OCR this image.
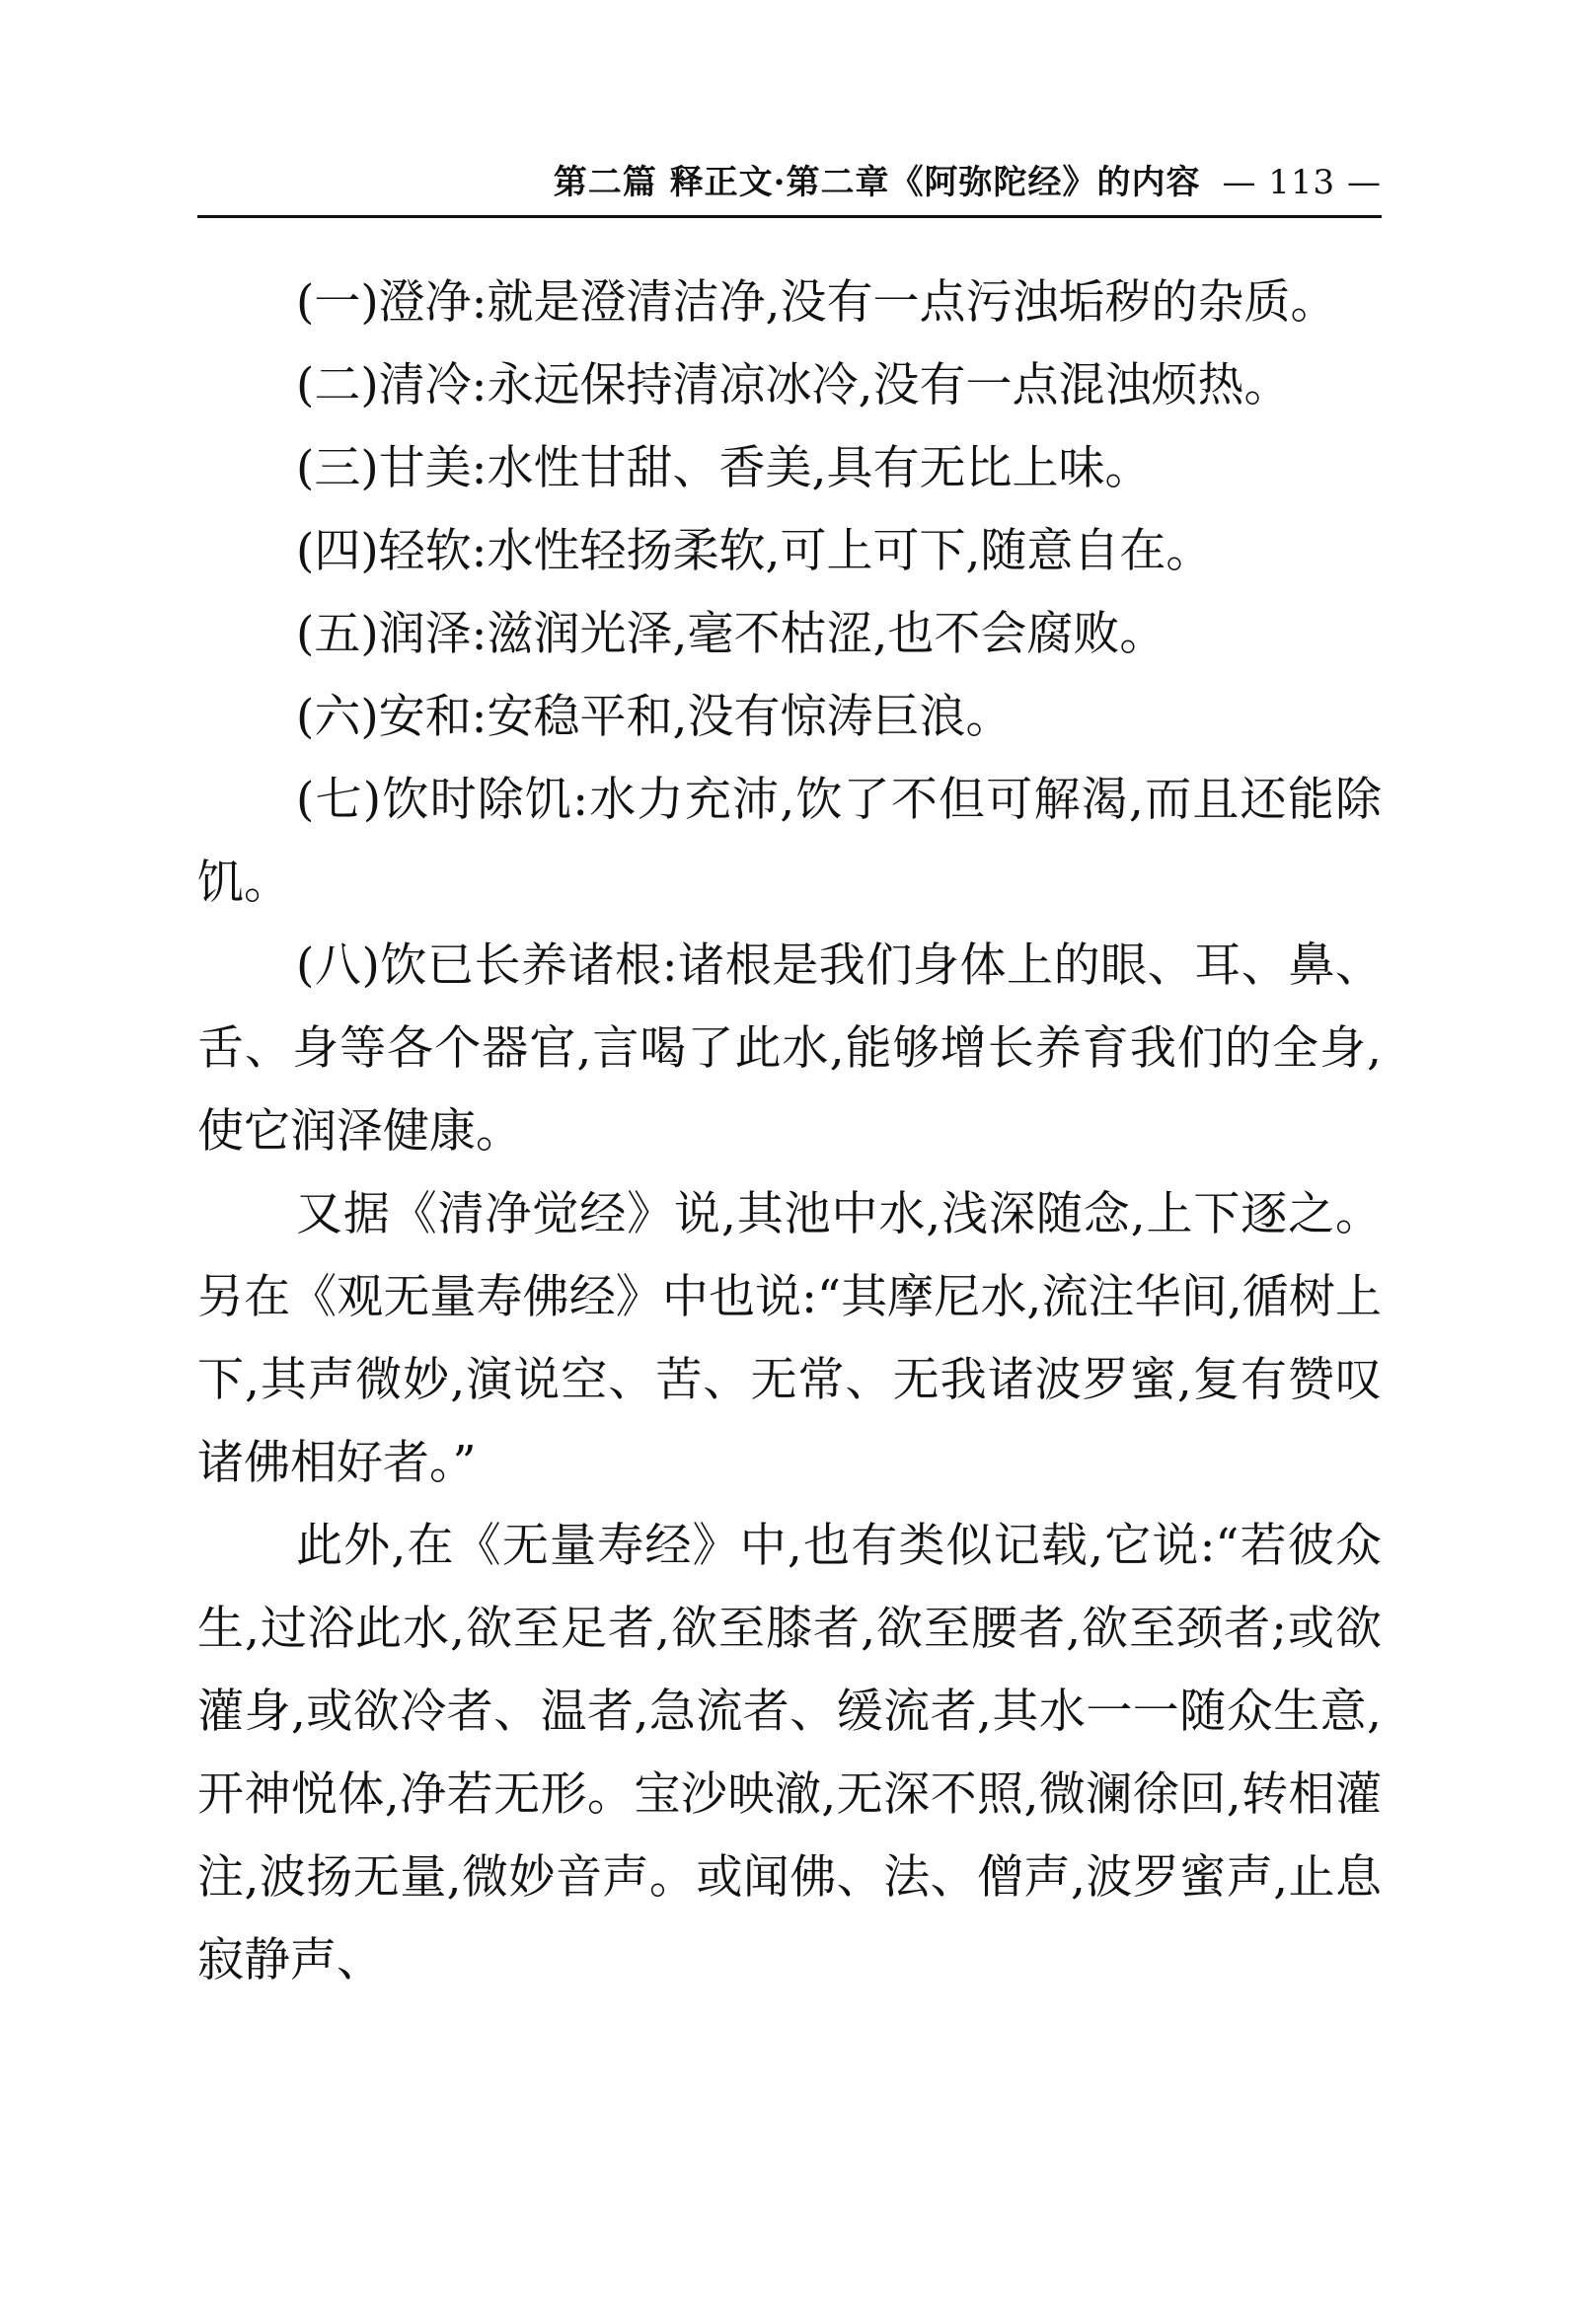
第二篇 释正文·第二章《阿弥陀经》的内容 — 113 —

(一)澄净:就是澄清洁净,没有一点污浊垢秽的杂质。

(二)清冷:永远保持清凉冰冷,没有一点混浊烦热。

(三)甘美:水性甘甜、香美,具有无比上味。

(四)轻软:水性轻扬柔软,可上可下,随意自在。

(五)润泽:滋润光泽,毫不枯涩,也不会腐败。

(六)安和:安稳平和,没有惊涛巨浪。

(七)饮时除饥:水力充沛,饮了不但可解渴,而且还能除饥。

(八)饮已长养诸根:诸根是我们身体上的眼、耳、鼻、舌、身等各个器官,言喝了此水,能够增长养育我们的全身,使它润泽健康。

又据《清净觉经》说,其池中水,浅深随念,上下逐之。另在《观无量寿佛经》中也说:“其摩尼水,流注华间,循树上下,其声微妙,演说空、苦、无常、无我诸波罗蜜,复有赞叹诸佛相好者。”

此外,在《无量寿经》中,也有类似记载,它说:“若彼众生,过浴此水,欲至足者,欲至膝者,欲至腰者,欲至颈者;或欲灌身,或欲冷者、温者,急流者、缓流者,其水一一随众生意,开神悦体,净若无形。宝沙映澈,无深不照,微澜徐回,转相灌注,波扬无量,微妙音声。或闻佛、法、僧声,波罗蜜声,止息寂静声、
